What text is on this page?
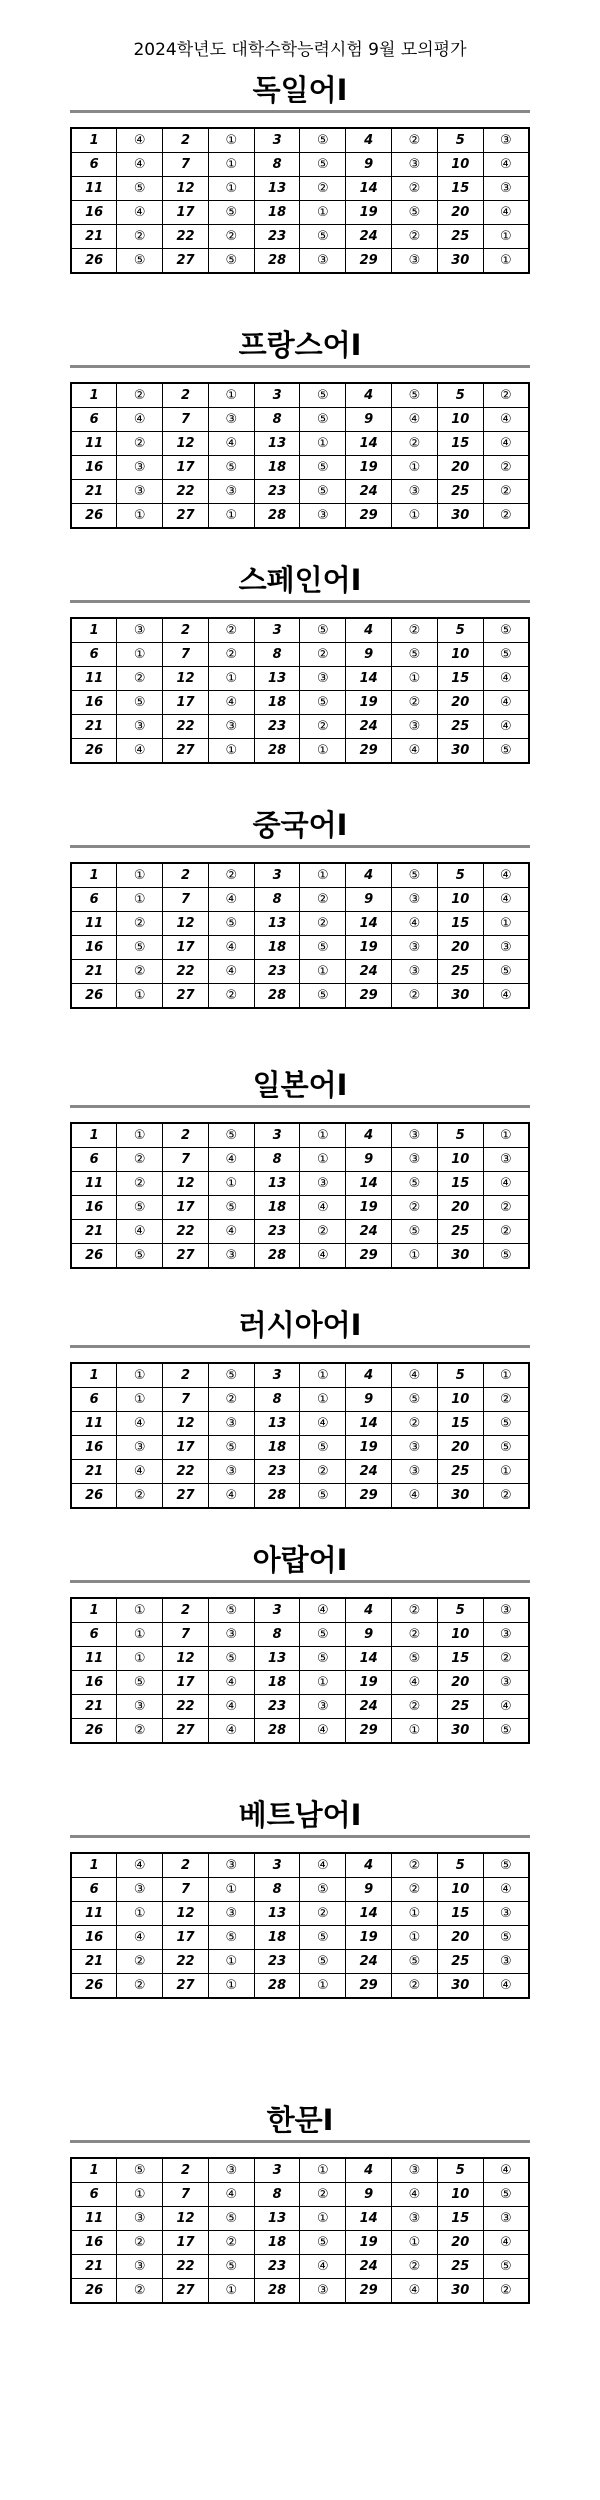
2024학년도 대학수학능력시험 9월 모의평가
독일어Ⅰ
1	④	2	①	3	⑤	4	②	5	③
6	④	7	①	8	⑤	9	③	10	④
11	⑤	12	①	13	②	14	②	15	③
16	④	17	⑤	18	①	19	⑤	20	④
21	②	22	②	23	⑤	24	②	25	①
26	⑤	27	⑤	28	③	29	③	30	①
프랑스어Ⅰ
1	②	2	①	3	⑤	4	⑤	5	②
6	④	7	③	8	⑤	9	④	10	④
11	②	12	④	13	①	14	②	15	④
16	③	17	⑤	18	⑤	19	①	20	②
21	③	22	③	23	⑤	24	③	25	②
26	①	27	①	28	③	29	①	30	②
스페인어Ⅰ
1	③	2	②	3	⑤	4	②	5	⑤
6	①	7	②	8	②	9	⑤	10	⑤
11	②	12	①	13	③	14	①	15	④
16	⑤	17	④	18	⑤	19	②	20	④
21	③	22	③	23	②	24	③	25	④
26	④	27	①	28	①	29	④	30	⑤
중국어Ⅰ
1	①	2	②	3	①	4	⑤	5	④
6	①	7	④	8	②	9	③	10	④
11	②	12	⑤	13	②	14	④	15	①
16	⑤	17	④	18	⑤	19	③	20	③
21	②	22	④	23	①	24	③	25	⑤
26	①	27	②	28	⑤	29	②	30	④
일본어Ⅰ
1	①	2	⑤	3	①	4	③	5	①
6	②	7	④	8	①	9	③	10	③
11	②	12	①	13	③	14	⑤	15	④
16	⑤	17	⑤	18	④	19	②	20	②
21	④	22	④	23	②	24	⑤	25	②
26	⑤	27	③	28	④	29	①	30	⑤
러시아어Ⅰ
1	①	2	⑤	3	①	4	④	5	①
6	①	7	②	8	①	9	⑤	10	②
11	④	12	③	13	④	14	②	15	⑤
16	③	17	⑤	18	⑤	19	③	20	⑤
21	④	22	③	23	②	24	③	25	①
26	②	27	④	28	⑤	29	④	30	②
아랍어Ⅰ
1	①	2	⑤	3	④	4	②	5	③
6	①	7	③	8	⑤	9	②	10	③
11	①	12	⑤	13	⑤	14	⑤	15	②
16	⑤	17	④	18	①	19	④	20	③
21	③	22	④	23	③	24	②	25	④
26	②	27	④	28	④	29	①	30	⑤
베트남어Ⅰ
1	④	2	③	3	④	4	②	5	⑤
6	③	7	①	8	⑤	9	②	10	④
11	①	12	③	13	②	14	①	15	③
16	④	17	⑤	18	⑤	19	①	20	⑤
21	②	22	①	23	⑤	24	⑤	25	③
26	②	27	①	28	①	29	②	30	④
한문Ⅰ
1	⑤	2	③	3	①	4	③	5	④
6	①	7	④	8	②	9	④	10	⑤
11	③	12	⑤	13	①	14	③	15	③
16	②	17	②	18	⑤	19	①	20	④
21	③	22	⑤	23	④	24	②	25	⑤
26	②	27	①	28	③	29	④	30	②
